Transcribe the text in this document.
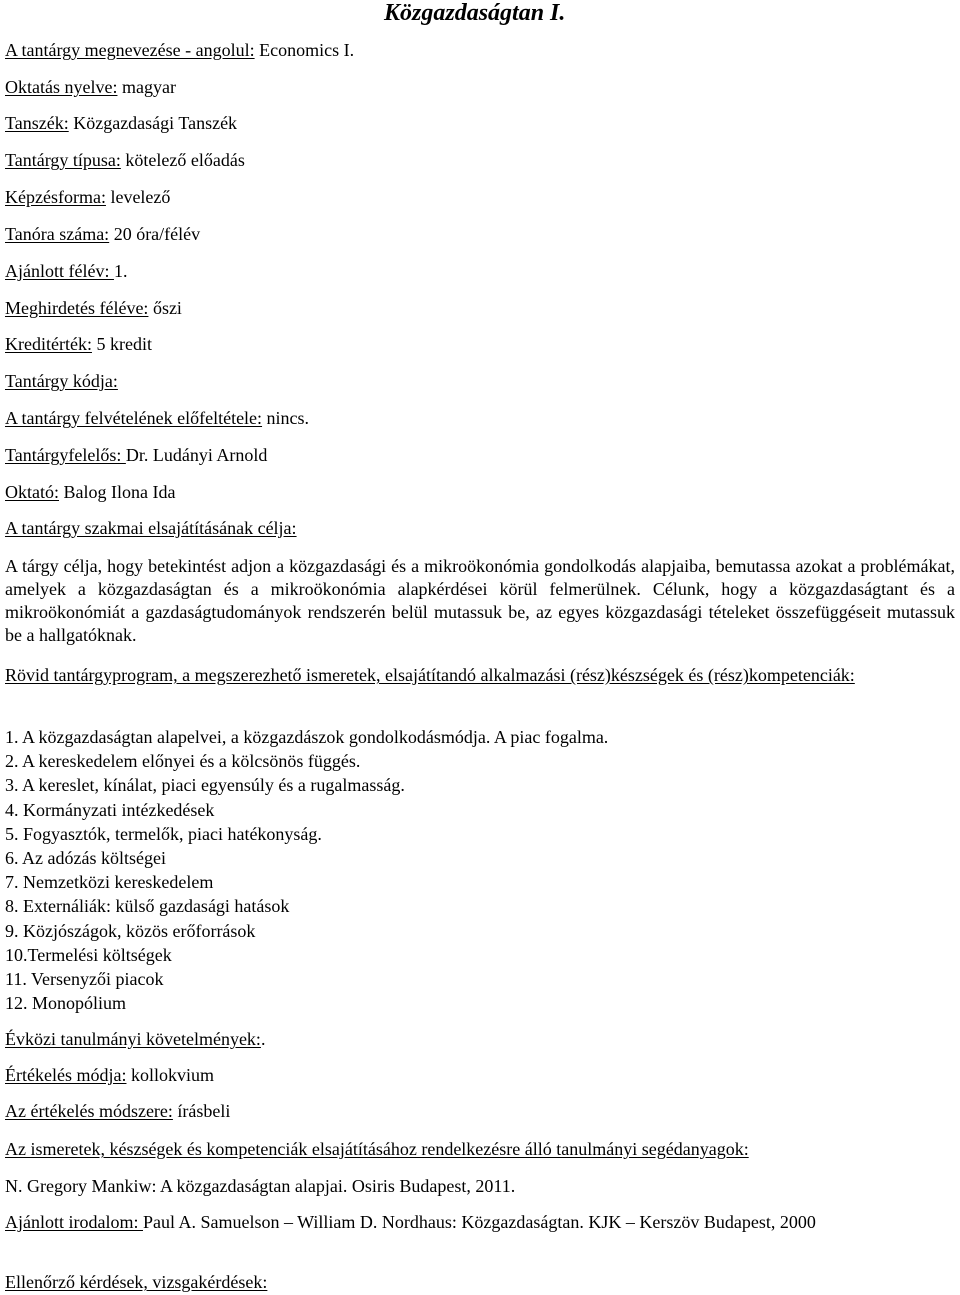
Közgazdaságtan I.
A tantárgy megnevezése - angolul: Economics I.
Oktatás nyelve: magyar
Tanszék: Közgazdasági Tanszék
Tantárgy típusa: kötelező előadás
Képzésforma: levelező
Tanóra száma: 20 óra/félév
Ajánlott félév: 1.
Meghirdetés féléve: őszi
Kreditérték: 5 kredit
Tantárgy kódja:
A tantárgy felvételének előfeltétele: nincs.
Tantárgyfelelős: Dr. Ludányi Arnold
Oktató: Balog Ilona Ida
A tantárgy szakmai elsajátításának célja:
A tárgy célja, hogy betekintést adjon a közgazdasági és a mikroökonómia gondolkodás alapjaiba, bemutassa azokat a problémákat, amelyek a közgazdaságtan és a mikroökonómia alapkérdései körül felmerülnek. Célunk, hogy a közgazdaságtant és a mikroökonómiát a gazdaságtudományok rendszerén belül mutassuk be, az egyes közgazdasági tételeket összefüggéseit mutassuk be a hallgatóknak.
Rövid tantárgyprogram, a megszerezhető ismeretek, elsajátítandó alkalmazási (rész)készségek és (rész)kompetenciák:
1. A közgazdaságtan alapelvei, a közgazdászok gondolkodásmódja. A piac fogalma.
2. A kereskedelem előnyei és a kölcsönös függés.
3. A kereslet, kínálat, piaci egyensúly és a rugalmasság.
4. Kormányzati intézkedések
5. Fogyasztók, termelők, piaci hatékonyság.
6. Az adózás költségei
7. Nemzetközi kereskedelem
8. Externáliák: külső gazdasági hatások
9. Közjószágok, közös erőforrások
10.Termelési költségek
11. Versenyzői piacok
12. Monopólium
Évközi tanulmányi követelmények:.
Értékelés módja: kollokvium
Az értékelés módszere: írásbeli
Az ismeretek, készségek és kompetenciák elsajátításához rendelkezésre álló tanulmányi segédanyagok:
N. Gregory Mankiw: A közgazdaságtan alapjai. Osiris Budapest, 2011.
Ajánlott irodalom: Paul A. Samuelson – William D. Nordhaus: Közgazdaságtan. KJK – Kerszöv Budapest, 2000
Ellenőrző kérdések, vizsgakérdések:
